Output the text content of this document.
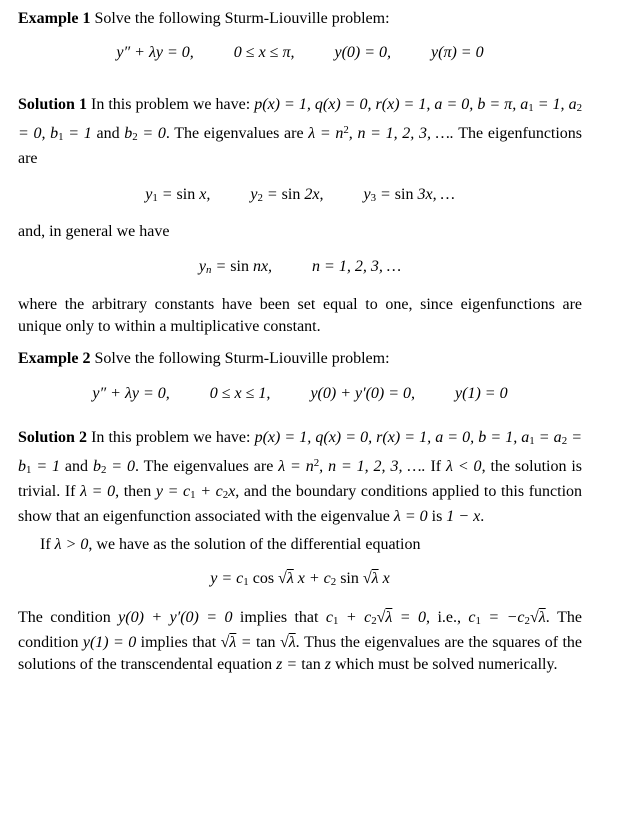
Example 1 Solve the following Sturm-Liouville problem:
y″ + λy = 0,   	0 ≤ x ≤ π,   	y(0) = 0,   	y(π) = 0
Solution 1 In this problem we have: p(x) = 1, q(x) = 0, r(x) = 1, a = 0, b = π, a1 = 1, a2 = 0, b1 = 1 and b2 = 0. The eigenvalues are $\lambda = n^2$, n = 1, 2, 3, …. The eigenfunctions are
y1 = sin x,   	y2 = sin 2x,   	y3 = sin 3x, …
and, in general we have
yn = sin nx,   	n = 1, 2, 3, …
where the arbitrary constants have been set equal to one, since eigenfunctions are unique only to within a multiplicative constant.
Example 2 Solve the following Sturm-Liouville problem:
y″ + λy = 0,   	0 ≤ x ≤ 1,   	y(0) + y′(0) = 0,   	y(1) = 0
Solution 2 In this problem we have: p(x) = 1, q(x) = 0, r(x) = 1, a = 0, b = 1, a1 = a2 = b1 = 1 and b2 = 0. The eigenvalues are $\lambda = n^2$, n = 1, 2, 3, …. If λ < 0, the solution is trivial. If λ = 0, then y = c1 + c2x, and the boundary conditions applied to this function show that an eigenfunction associated with the eigenvalue λ = 0 is 1 − x.
If λ > 0, we have as the solution of the differential equation
y = c1 cos √λ x + c2 sin √λ x
The condition y(0) + y′(0) = 0 implies that c1 + c2√λ = 0, i.e., c1 = −c2√λ. The condition y(1) = 0 implies that √λ = tan √λ. Thus the eigenvalues are the squares of the solutions of the transcendental equation z = tan z which must be solved numerically.
